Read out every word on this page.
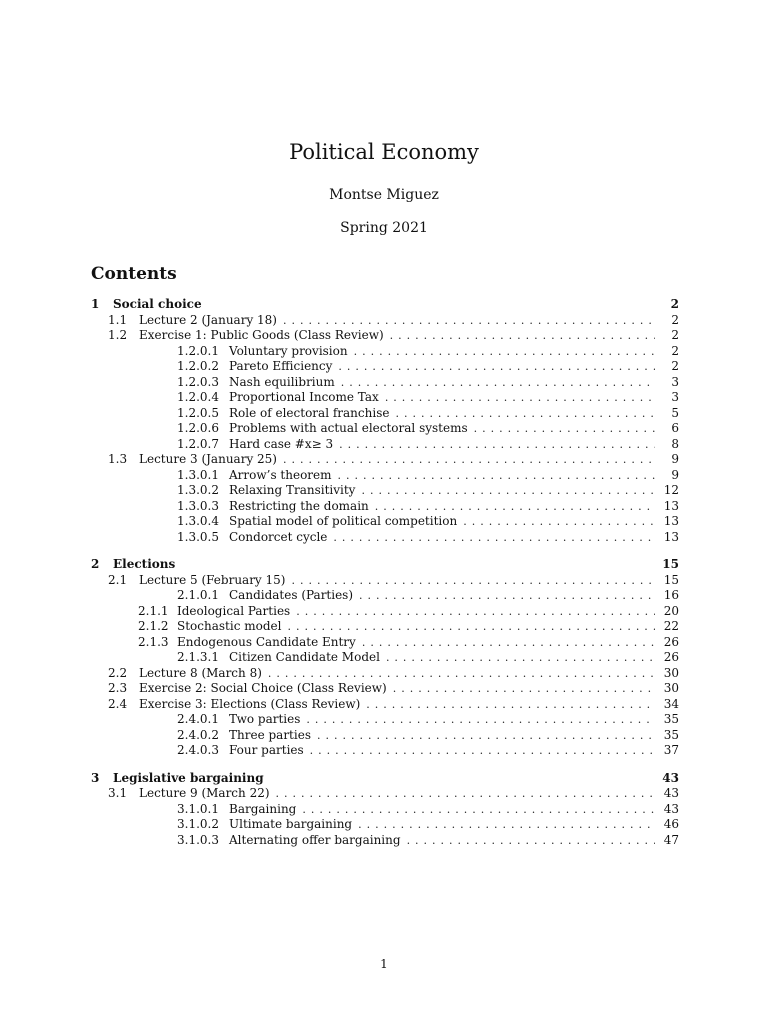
Political Economy
Montse Miguez
Spring 2021
Contents
1	Social choice	2
1.1 Lecture 2 (January 18) .....	2
1.2 Exercise 1: Public Goods (Class Review) .....	2
1.2.0.1 Voluntary provision .....	2
1.2.0.2 Pareto Efficiency .....	2
1.2.0.3 Nash equilibrium .....	3
1.2.0.4 Proportional Income Tax .....	3
1.2.0.5 Role of electoral franchise .....	5
1.2.0.6 Problems with actual electoral systems .....	6
1.2.0.7 Hard case #x≥ 3 .....	8
1.3 Lecture 3 (January 25) .....	9
1.3.0.1 Arrow’s theorem .....	9
1.3.0.2 Relaxing Transitivity .....	12
1.3.0.3 Restricting the domain .....	13
1.3.0.4 Spatial model of political competition .....	13
1.3.0.5 Condorcet cycle .....	13
2	Elections	15
2.1 Lecture 5 (February 15) .....	15
2.1.0.1 Candidates (Parties) .....	16
2.1.1 Ideological Parties .....	20
2.1.2 Stochastic model .....	22
2.1.3 Endogenous Candidate Entry .....	26
2.1.3.1 Citizen Candidate Model .....	26
2.2 Lecture 8 (March 8) .....	30
2.3 Exercise 2: Social Choice (Class Review) .....	30
2.4 Exercise 3: Elections (Class Review) .....	34
2.4.0.1 Two parties .....	35
2.4.0.2 Three parties .....	35
2.4.0.3 Four parties .....	37
3	Legislative bargaining	43
3.1 Lecture 9 (March 22) .....	43
3.1.0.1 Bargaining .....	43
3.1.0.2 Ultimate bargaining .....	46
3.1.0.3 Alternating offer bargaining .....	47
1
